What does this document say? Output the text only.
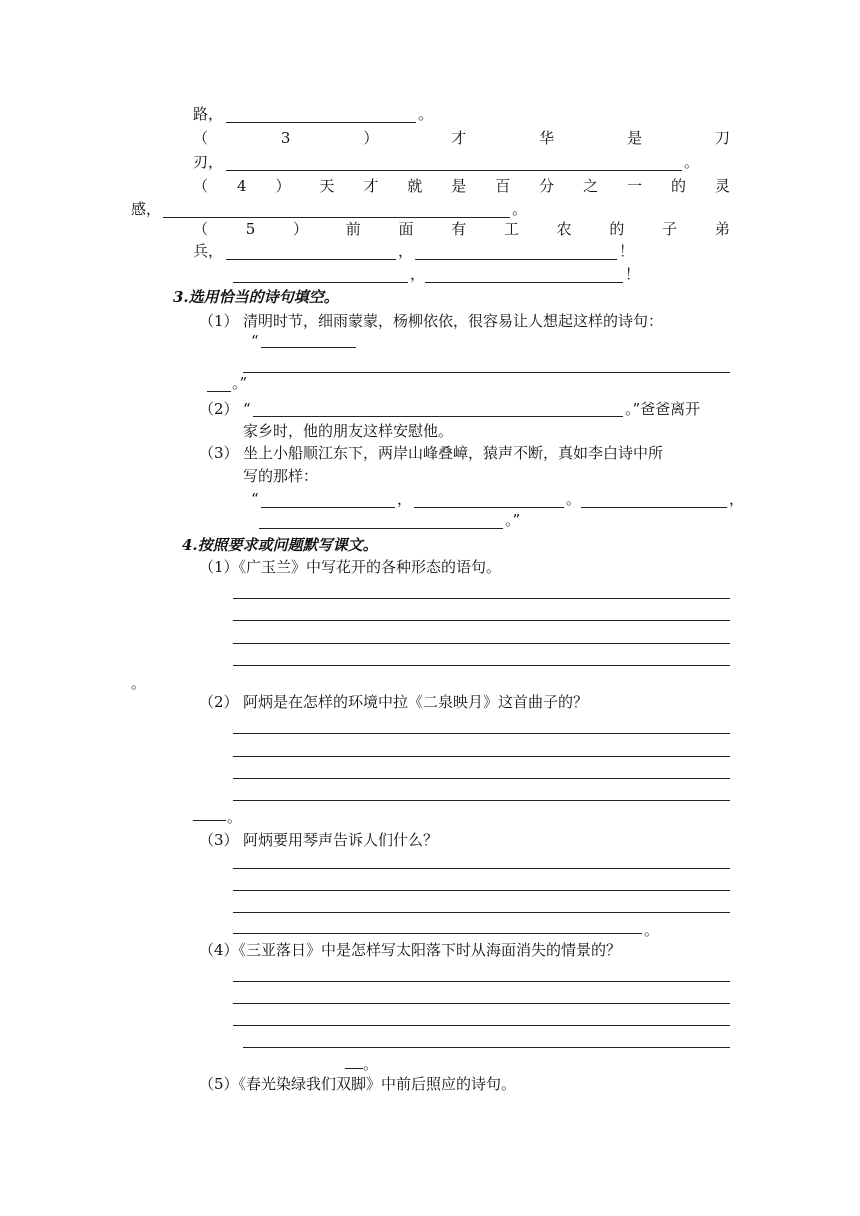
路，	。
（	3	）	才	华	是	刀
刃，	。
（ 4 ） 天 才 就 是 百 分 之 一 的 灵
感，	。
（	5	）	前	面	有	工	农	的	子	弟
兵，	，	！
，	！
3.选用恰当的诗句填空。
（1） 清明时节，细雨蒙蒙，杨柳依依，很容易让人想起这样的诗句：
“
。”
（2） “	。”爸爸离开
家乡时，他的朋友这样安慰他。
（3） 坐上小船顺江东下，两岸山峰叠嶂，猿声不断，真如李白诗中所
写的那样：
“	，	。	，
。”
4.按照要求或问题默写课文。
（1）《广玉兰》中写花开的各种形态的语句。
。
（2） 阿炳是在怎样的环境中拉《二泉映月》这首曲子的？
。
（3） 阿炳要用琴声告诉人们什么？
。
（4）《三亚落日》中是怎样写太阳落下时从海面消失的情景的？
。
（5）《春光染绿我们双脚》中前后照应的诗句。
